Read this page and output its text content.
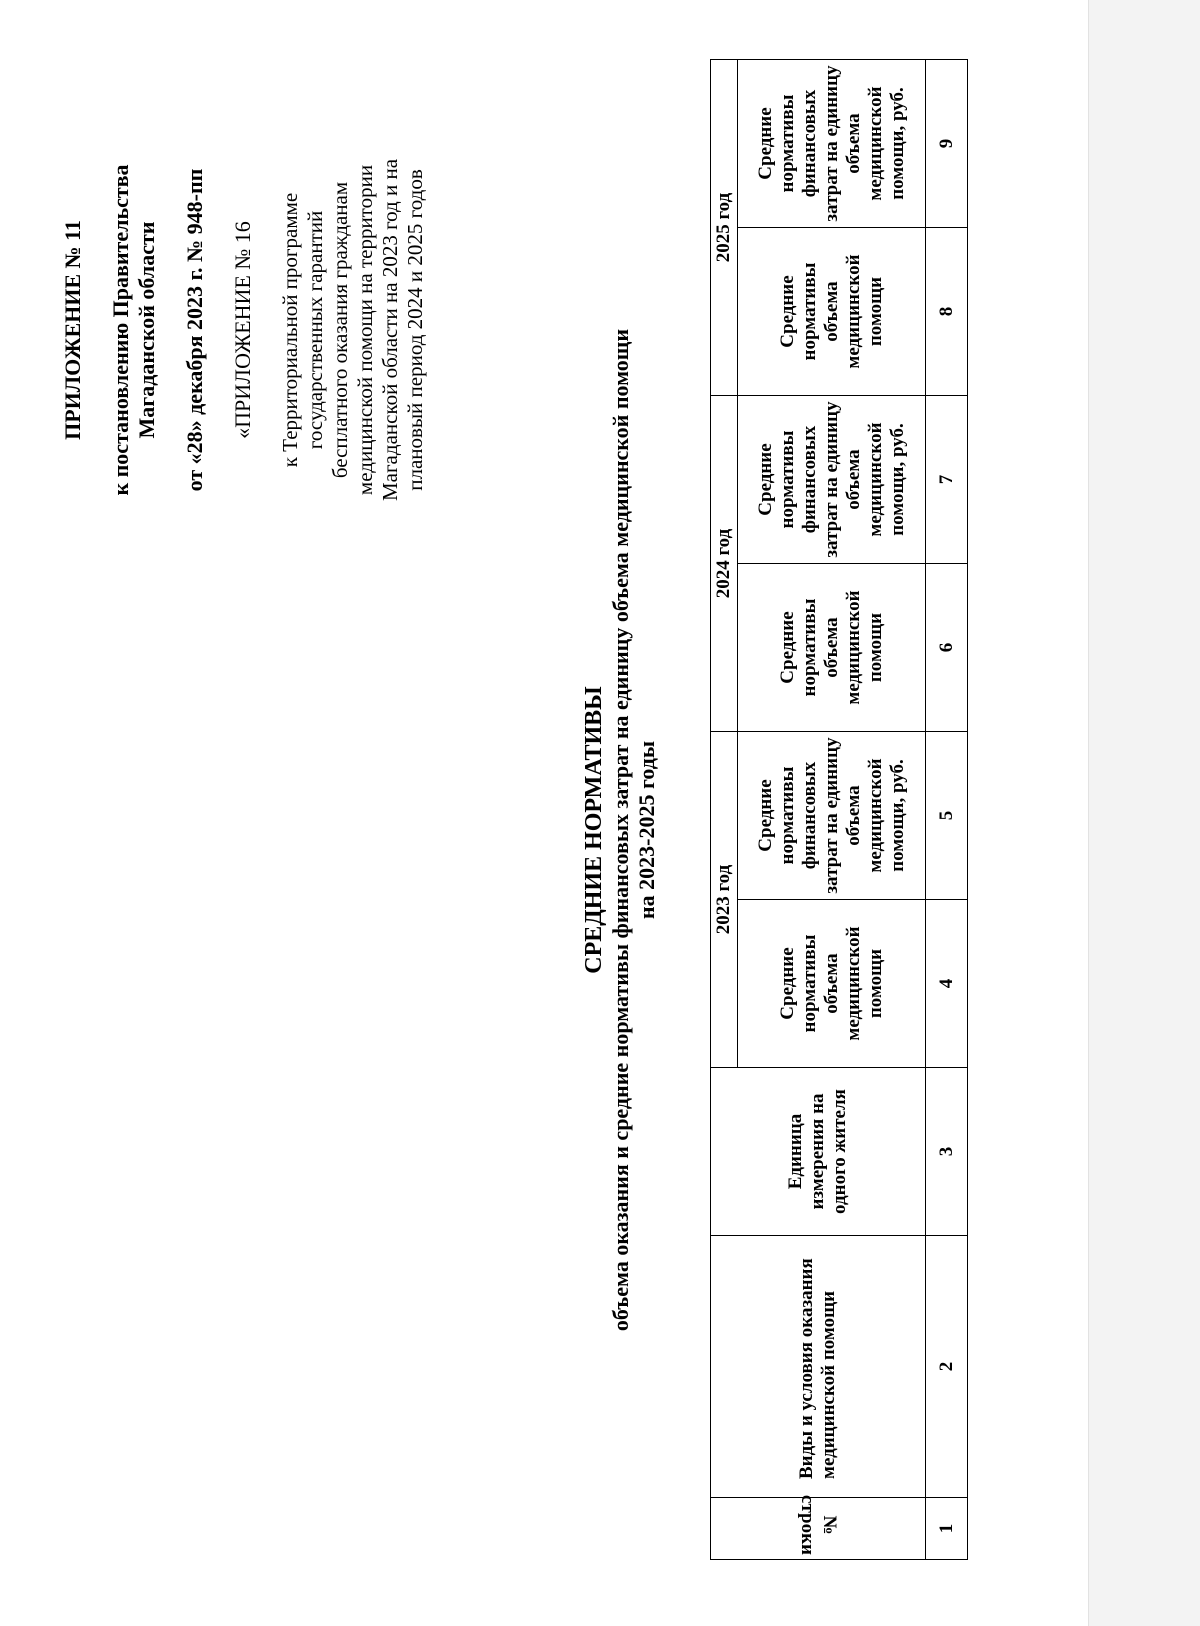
ПРИЛОЖЕНИЕ № 11 к постановлению Правительства Магаданской области от «28» декабря 2023 г. № 948-пп «ПРИЛОЖЕНИЕ № 16 к Территориальной программе государственных гарантий бесплатного оказания гражданам медицинской помощи на территории Магаданской области на 2023 год и на плановый период 2024 и 2025 годов
СРЕДНИЕ НОРМАТИВЫ объема оказания и средние нормативы финансовых затрат на единицу объема медицинской помощи на 2023-2025 годы
№ строки	Виды и условия оказания медицинской помощи	Единица измерения на одного жителя	2023 год		2024 год		2025 год	
			Средние нормативы объема медицинской помощи	Средние нормативы финансовых затрат на единицу объема медицинской помощи, руб.	Средние нормативы объема медицинской помощи	Средние нормативы финансовых затрат на единицу объема медицинской помощи, руб.	Средние нормативы объема медицинской помощи	Средние нормативы финансовых затрат на единицу объема медицинской помощи, руб.
1	2	3	4	5	6	7	8	9
